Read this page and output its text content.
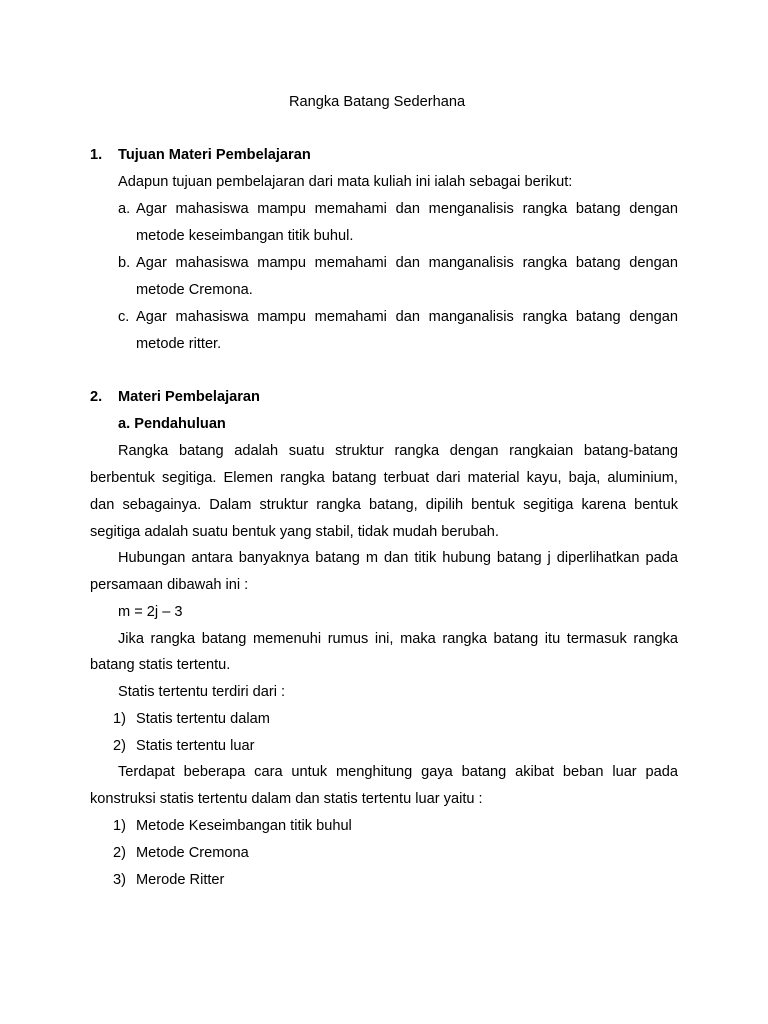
Rangka Batang Sederhana
1. Tujuan Materi Pembelajaran
Adapun tujuan pembelajaran dari mata kuliah ini ialah sebagai berikut:
a. Agar mahasiswa mampu memahami dan menganalisis rangka batang dengan
metode keseimbangan titik buhul.
b. Agar mahasiswa mampu memahami dan manganalisis rangka batang dengan
metode Cremona.
c. Agar mahasiswa mampu memahami dan manganalisis rangka batang dengan
metode ritter.
2. Materi Pembelajaran
a. Pendahuluan
Rangka batang adalah suatu struktur rangka dengan rangkaian batang-batang
berbentuk segitiga. Elemen rangka batang terbuat dari material kayu, baja, aluminium,
dan sebagainya. Dalam struktur rangka batang, dipilih bentuk segitiga karena bentuk
segitiga adalah suatu bentuk yang stabil, tidak mudah berubah.
Hubungan antara banyaknya batang m dan titik hubung batang j diperlihatkan pada
persamaan dibawah ini :
m = 2j – 3
Jika rangka batang memenuhi rumus ini, maka rangka batang itu termasuk rangka
batang statis tertentu.
Statis tertentu terdiri dari :
1) Statis tertentu dalam
2) Statis tertentu luar
Terdapat beberapa cara untuk menghitung gaya batang akibat beban luar pada
konstruksi statis tertentu dalam dan statis tertentu luar yaitu :
1) Metode Keseimbangan titik buhul
2) Metode Cremona
3) Merode Ritter
